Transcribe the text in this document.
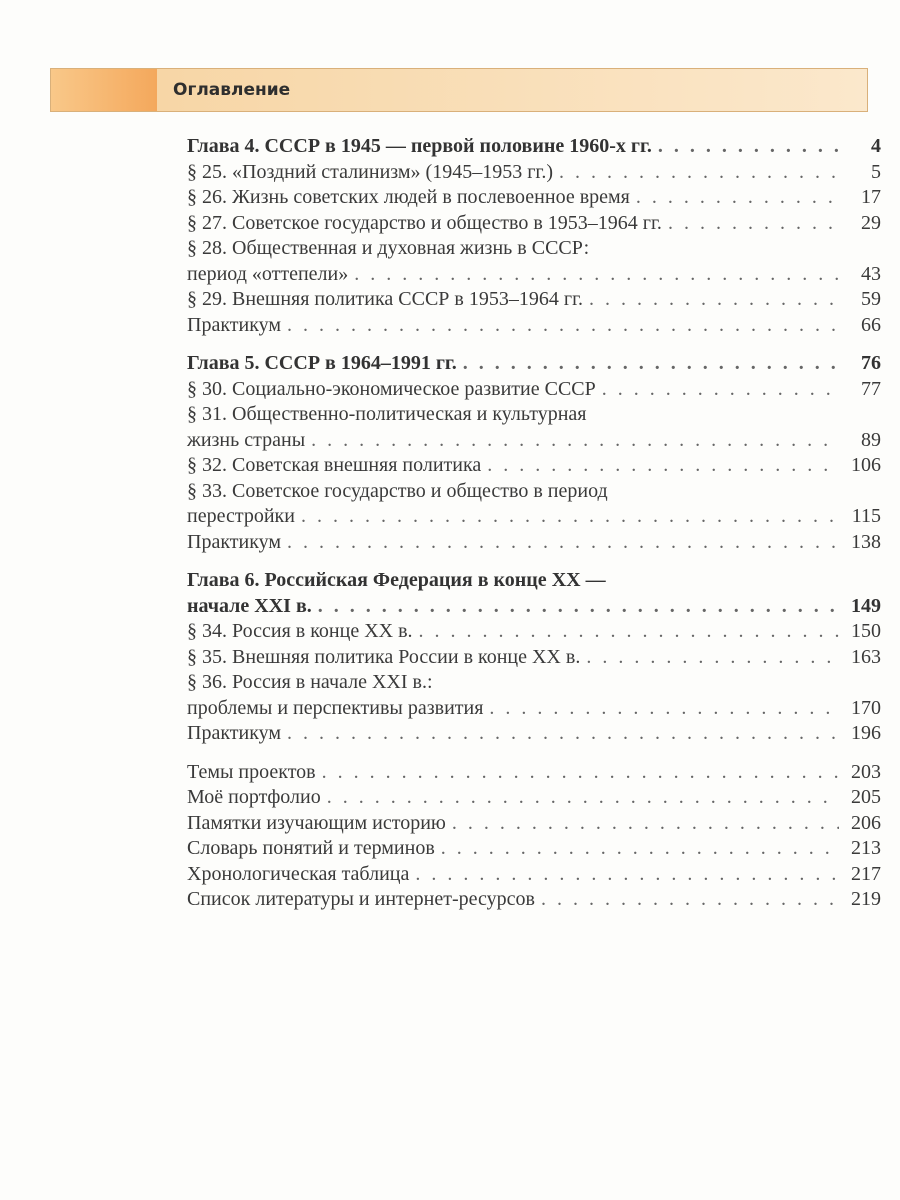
Оглавление
Глава 4. СССР в 1945 — первой половине 1960-х гг. . . .	4
§ 25. «Поздний сталинизм» (1945–1953 гг.) . . .	5
§ 26. Жизнь советских людей в послевоенное время . . .	17
§ 27. Советское государство и общество в 1953–1964 гг. . . .	29
§ 28. Общественная и духовная жизнь в СССР:
период «оттепели» . . .	43
§ 29. Внешняя политика СССР в 1953–1964 гг. . . .	59
Практикум . . .	66
Глава 5. СССР в 1964–1991 гг. . . .	76
§ 30. Социально-экономическое развитие СССР . . .	77
§ 31. Общественно-политическая и культурная
жизнь страны . . .	89
§ 32. Советская внешняя политика . . .	106
§ 33. Советское государство и общество в период
перестройки . . .	115
Практикум . . .	138
Глава 6. Российская Федерация в конце XX —
начале XXI в. . . .	149
§ 34. Россия в конце XX в. . . .	150
§ 35. Внешняя политика России в конце XX в. . . .	163
§ 36. Россия в начале XXI в.:
проблемы и перспективы развития . . .	170
Практикум . . .	196
Темы проектов . . .	203
Моё портфолио . . .	205
Памятки изучающим историю . . .	206
Словарь понятий и терминов . . .	213
Хронологическая таблица . . .	217
Список литературы и интернет-ресурсов . . .	219
